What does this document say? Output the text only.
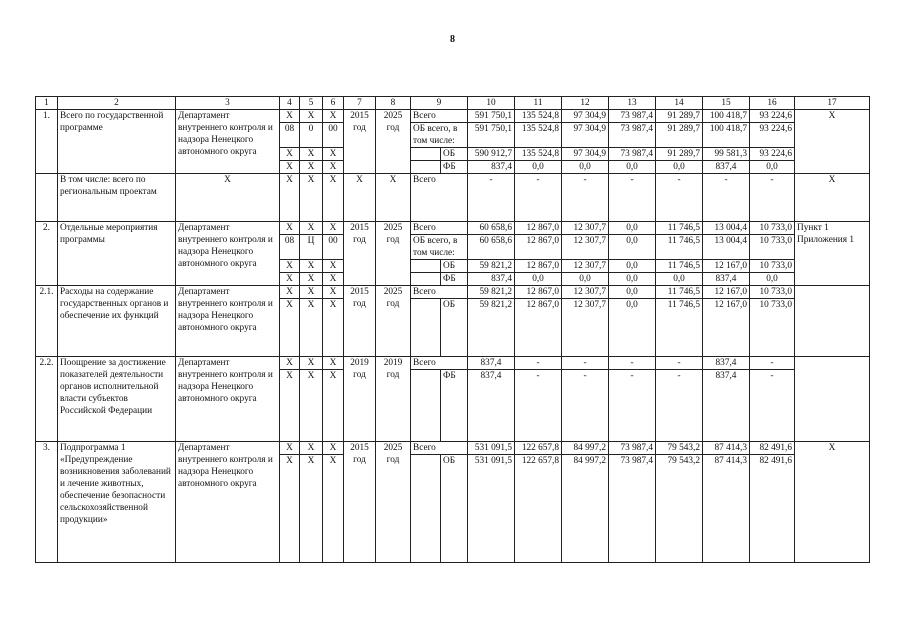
8
1	2	3	4	5	6	7	8	9		10	11	12	13	14	15	16	17
1.	Всего по государственной программе	Департамент внутреннего контроля и надзора Ненецкого автономного округа	Х	Х	Х	2015 год	2025 год	Всего		591 750,1	135 524,8	97 304,9	73 987,4	91 289,7	100 418,7	93 224,6	Х
			08	0	00			ОБ всего, в том числе:		591 750,1	135 524,8	97 304,9	73 987,4	91 289,7	100 418,7	93 224,6	
			Х	Х	Х				ОБ	590 912,7	135 524,8	97 304,9	73 987,4	91 289,7	99 581,3	93 224,6	
			Х	Х	Х				ФБ	837,4	0,0	0,0	0,0	0,0	837,4	0,0	
	В том числе: всего по региональным проектам	Х	Х	Х	Х	Х	Х	Всего		-	-	-	-	-	-	-	Х
2.	Отдельные мероприятия программы	Департамент внутреннего контроля и надзора Ненецкого автономного округа	Х	Х	Х	2015 год	2025 год	Всего		60 658,6	12 867,0	12 307,7	0,0	11 746,5	13 004,4	10 733,0	Пункт 1 Приложения 1
			08	Ц	00			ОБ всего, в том числе:		60 658,6	12 867,0	12 307,7	0,0	11 746,5	13 004,4	10 733,0	
			Х	Х	Х				ОБ	59 821,2	12 867,0	12 307,7	0,0	11 746,5	12 167,0	10 733,0	
			Х	Х	Х				ФБ	837,4	0,0	0,0	0,0	0,0	837,4	0,0	
2.1.	Расходы на содержание государственных органов и обеспечение их функций	Департамент внутреннего контроля и надзора Ненецкого автономного округа	Х	Х	Х	2015 год	2025 год	Всего		59 821,2	12 867,0	12 307,7	0,0	11 746,5	12 167,0	10 733,0	
			Х	Х	Х				ОБ	59 821,2	12 867,0	12 307,7	0,0	11 746,5	12 167,0	10 733,0	
2.2.	Поощрение за достижение показателей деятельности органов исполнительной власти субъектов Российской Федерации	Департамент внутреннего контроля и надзора Ненецкого автономного округа	Х	Х	Х	2019 год	2019 год	Всего		837,4	-	-	-	-	837,4	-	
			Х	Х	Х				ФБ	837,4	-	-	-	-	837,4	-	
3.	Подпрограмма 1 «Предупреждение возникновения заболеваний и лечение животных, обеспечение безопасности сельскохозяйственной продукции»	Департамент внутреннего контроля и надзора Ненецкого автономного округа	Х	Х	Х	2015 год	2025 год	Всего		531 091,5	122 657,8	84 997,2	73 987,4	79 543,2	87 414,3	82 491,6	Х
			Х	Х	Х				ОБ	531 091,5	122 657,8	84 997,2	73 987,4	79 543,2	87 414,3	82 491,6	
